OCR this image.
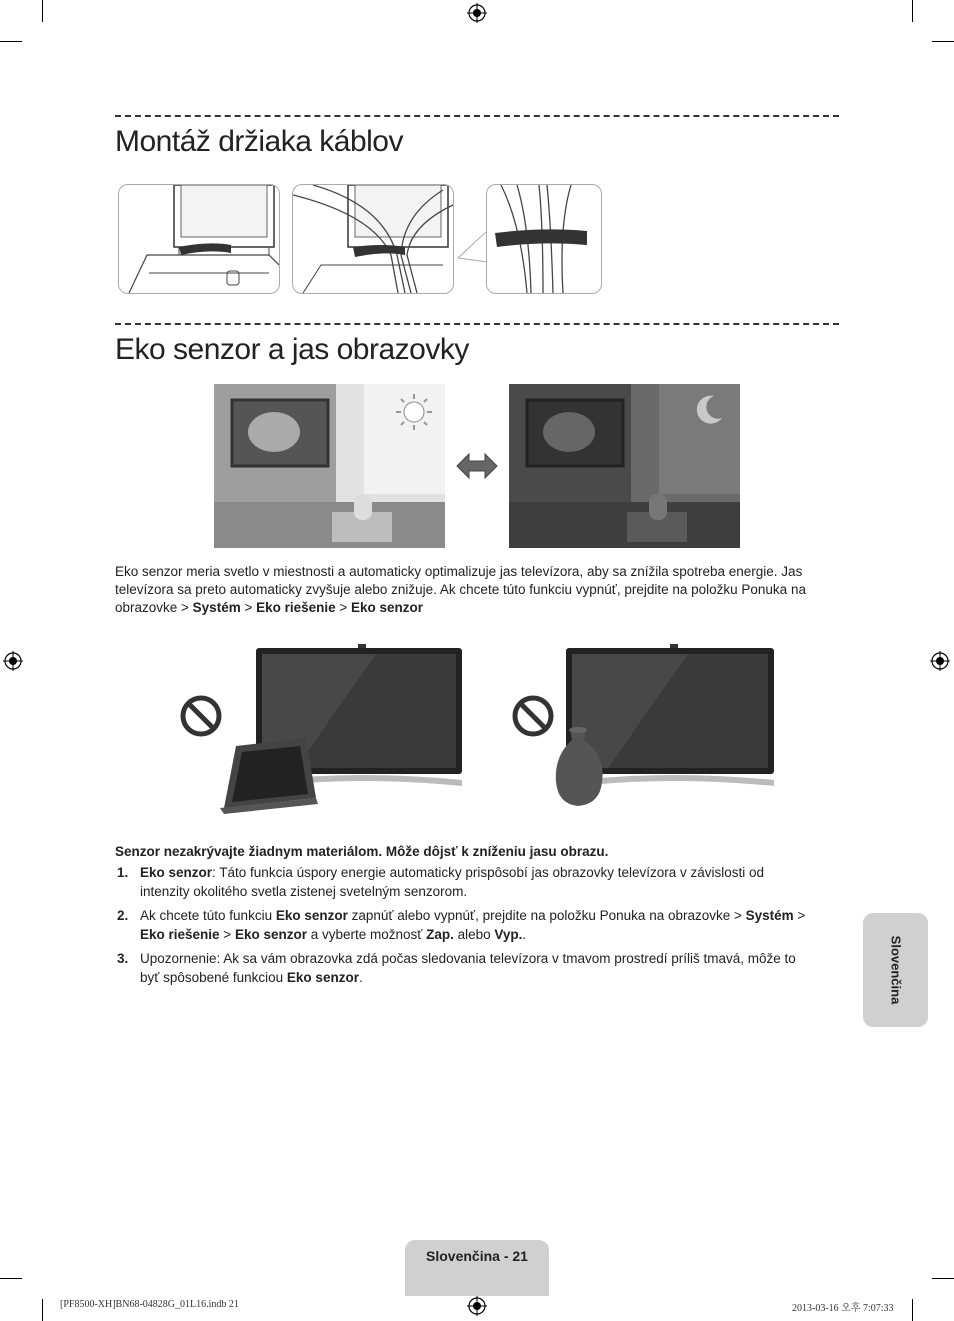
Montáž držiaka káblov
Eko senzor a jas obrazovky

Eko senzor meria svetlo v miestnosti a automaticky optimalizuje jas televízora, aby sa znížila spotreba energie. Jas televízora sa preto automaticky zvyšuje alebo znižuje. Ak chcete túto funkciu vypnúť, prejdite na položku Ponuka na obrazovke > Systém > Eko riešenie > Eko senzor

Senzor nezakrývajte žiadnym materiálom. Môže dôjsť k zníženiu jasu obrazu.

1. Eko senzor: Táto funkcia úspory energie automaticky prispôsobí jas obrazovky televízora v závislosti od intenzity okolitého svetla zistenej svetelným senzorom.
2. Ak chcete túto funkciu Eko senzor zapnúť alebo vypnúť, prejdite na položku Ponuka na obrazovke > Systém > Eko riešenie > Eko senzor a vyberte možnosť Zap. alebo Vyp..
3. Upozornenie: Ak sa vám obrazovka zdá počas sledovania televízora v tmavom prostredí príliš tmavá, môže to byť spôsobené funkciou Eko senzor.	Slovenčina
Slovenčina - 21
[PF8500-XH]BN68-04828G_01L16.indb 21	2013-03-16 오후 7:07:33
